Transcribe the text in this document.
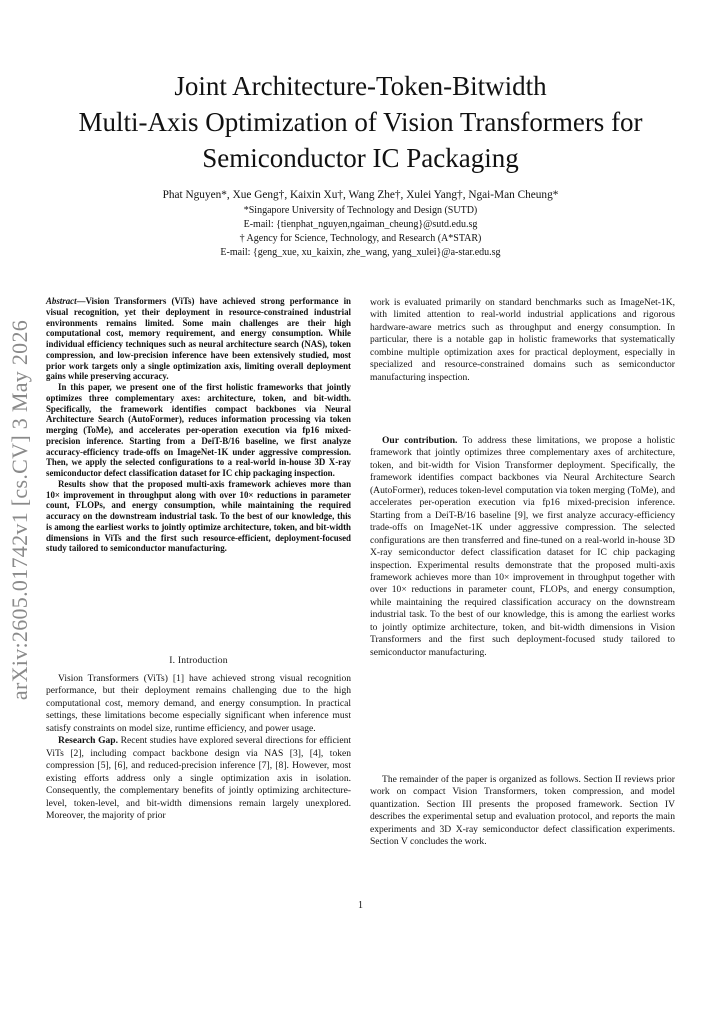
Joint Architecture-Token-Bitwidth
Multi-Axis Optimization of Vision Transformers for
Semiconductor IC Packaging
Phat Nguyen*, Xue Geng†, Kaixin Xu†, Wang Zhe†, Xulei Yang†, Ngai-Man Cheung*
*Singapore University of Technology and Design (SUTD)
E-mail: {tienphat_nguyen,ngaiman_cheung}@sutd.edu.sg
† Agency for Science, Technology, and Research (A*STAR)
E-mail: {geng_xue, xu_kaixin, zhe_wang, yang_xulei}@a-star.edu.sg
arXiv:2605.01742v1 [cs.CV] 3 May 2026

Abstract—Vision Transformers (ViTs) have achieved strong performance in visual recognition, yet their deployment in resource-constrained industrial environments remains limited. Some main challenges are their high computational cost, memory requirement, and energy consumption. While individual efficiency techniques such as neural architecture search (NAS), token compression, and low-precision inference have been extensively studied, most prior work targets only a single optimization axis, limiting overall deployment gains while preserving accuracy.

In this paper, we present one of the first holistic frameworks that jointly optimizes three complementary axes: architecture, token, and bit-width. Specifically, the framework identifies compact backbones via Neural Architecture Search (AutoFormer), reduces information processing via token merging (ToMe), and accelerates per-operation execution via fp16 mixed-precision inference. Starting from a DeiT-B/16 baseline, we first analyze accuracy-efficiency trade-offs on ImageNet-1K under aggressive compression. Then, we apply the selected configurations to a real-world in-house 3D X-ray semiconductor defect classification dataset for IC chip packaging inspection.

Results show that the proposed multi-axis framework achieves more than 10× improvement in throughput along with over 10× reductions in parameter count, FLOPs, and energy consumption, while maintaining the required accuracy on the downstream industrial task. To the best of our knowledge, this is among the earliest works to jointly optimize architecture, token, and bit-width dimensions in ViTs and the first such resource-efficient, deployment-focused study tailored to semiconductor manufacturing.

I. Introduction

Vision Transformers (ViTs) [1] have achieved strong visual recognition performance, but their deployment remains challenging due to the high computational cost, memory demand, and energy consumption. In practical settings, these limitations become especially significant when inference must satisfy constraints on model size, runtime efficiency, and power usage.

Research Gap. Recent studies have explored several directions for efficient ViTs [2], including compact backbone design via NAS [3], [4], token compression [5], [6], and reduced-precision inference [7], [8]. However, most existing efforts address only a single optimization axis in isolation. Consequently, the complementary benefits of jointly optimizing architecture-level, token-level, and bit-width dimensions remain largely unexplored. Moreover, the majority of prior

work is evaluated primarily on standard benchmarks such as ImageNet-1K, with limited attention to real-world industrial applications and rigorous hardware-aware metrics such as throughput and energy consumption. In particular, there is a notable gap in holistic frameworks that systematically combine multiple optimization axes for practical deployment, especially in specialized and resource-constrained domains such as semiconductor manufacturing inspection.

Our contribution. To address these limitations, we propose a holistic framework that jointly optimizes three complementary axes of architecture, token, and bit-width for Vision Transformer deployment. Specifically, the framework identifies compact backbones via Neural Architecture Search (AutoFormer), reduces token-level computation via token merging (ToMe), and accelerates per-operation execution via fp16 mixed-precision inference. Starting from a DeiT-B/16 baseline [9], we first analyze accuracy-efficiency trade-offs on ImageNet-1K under aggressive compression. The selected configurations are then transferred and fine-tuned on a real-world in-house 3D X-ray semiconductor defect classification dataset for IC chip packaging inspection. Experimental results demonstrate that the proposed multi-axis framework achieves more than 10× improvement in throughput together with over 10× reductions in parameter count, FLOPs, and energy consumption, while maintaining the required classification accuracy on the downstream industrial task. To the best of our knowledge, this is among the earliest works to jointly optimize architecture, token, and bit-width dimensions in Vision Transformers and the first such deployment-focused study tailored to semiconductor manufacturing.

The remainder of the paper is organized as follows. Section II reviews prior work on compact Vision Transformers, token compression, and model quantization. Section III presents the proposed framework. Section IV describes the experimental setup and evaluation protocol, and reports the main experiments and 3D X-ray semiconductor defect classification experiments. Section V concludes the work.

1
